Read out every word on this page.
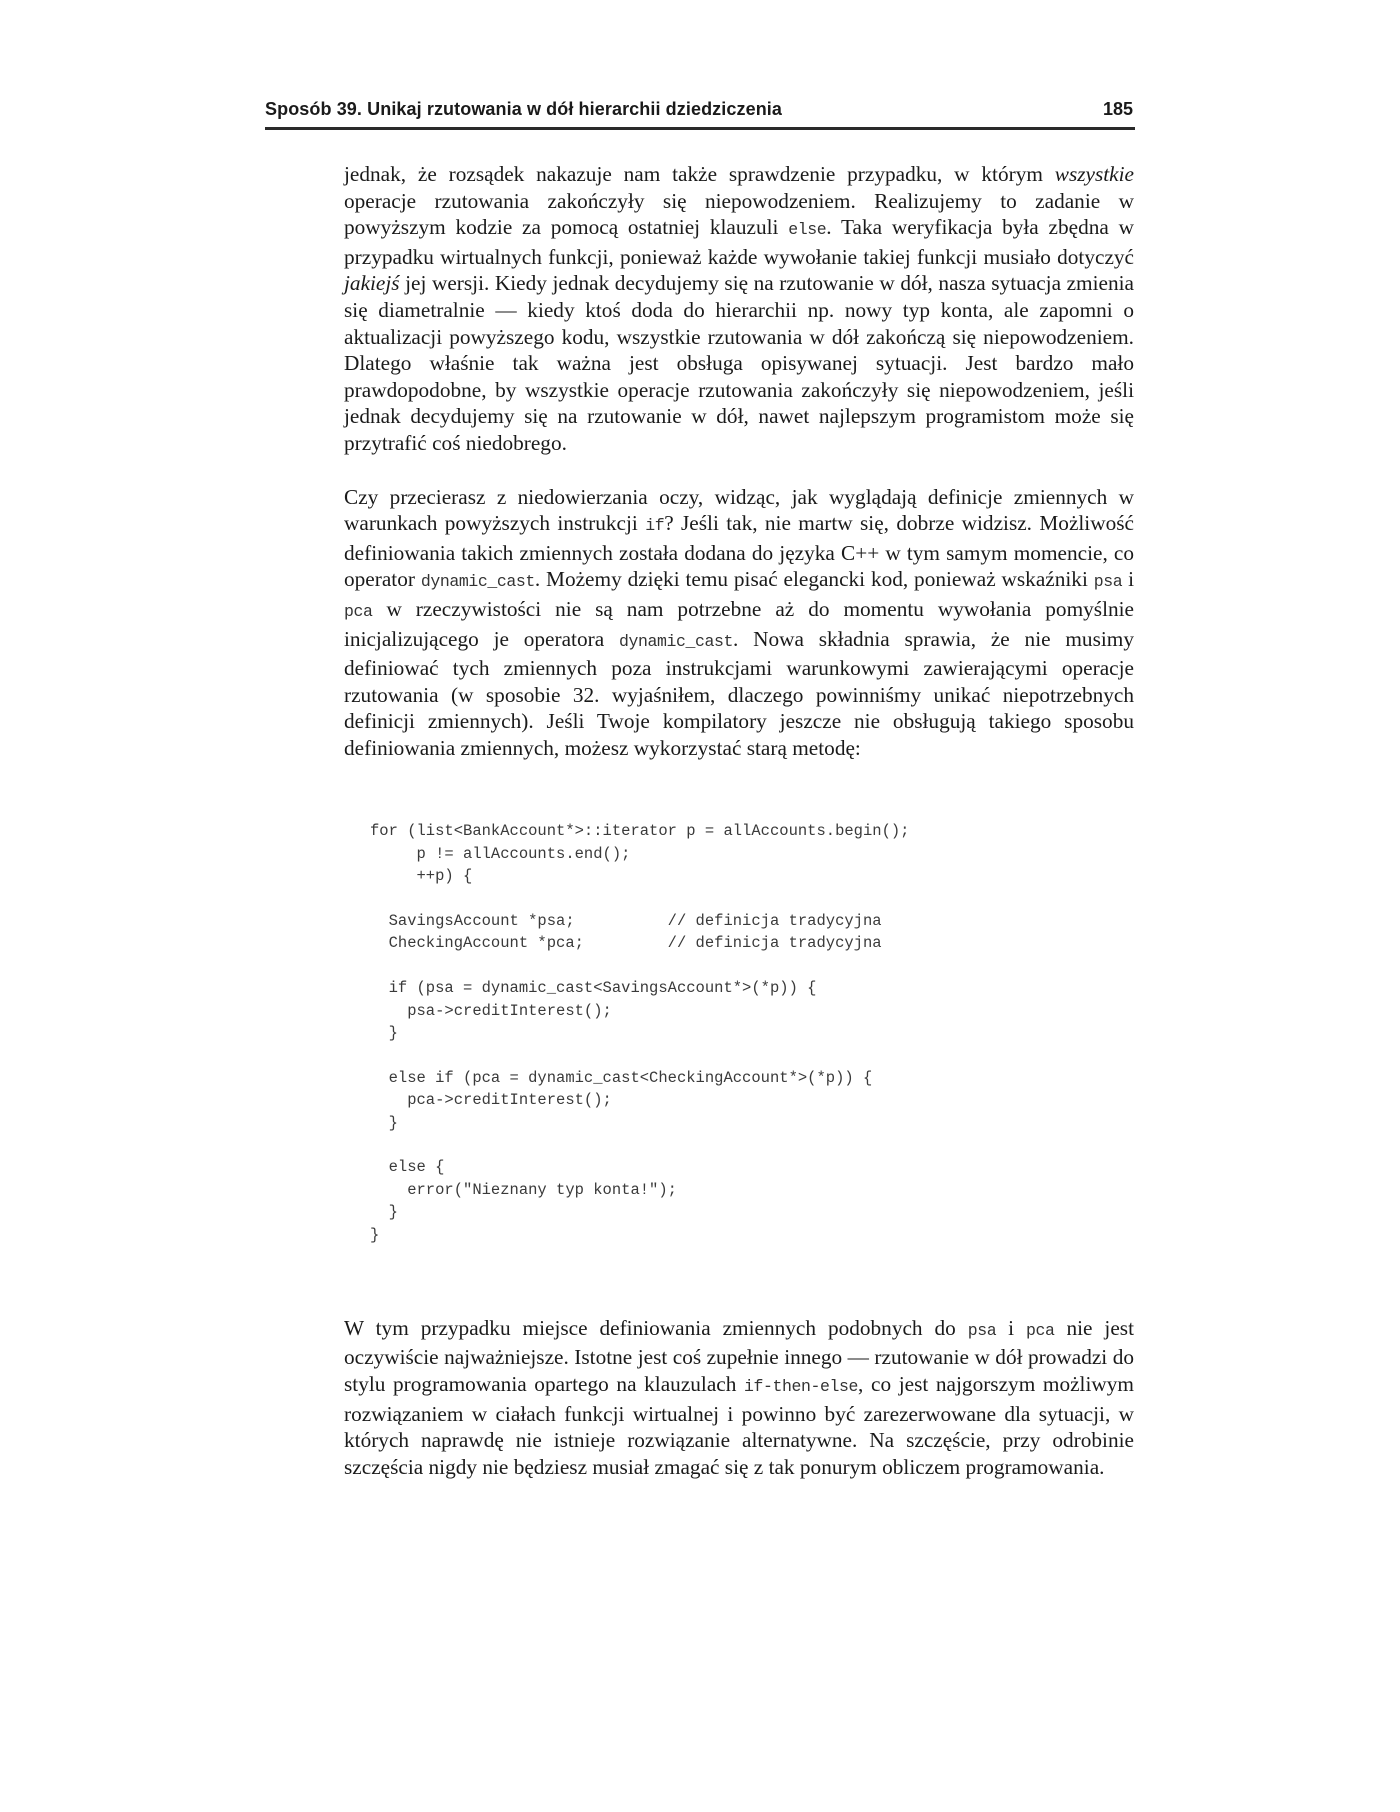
Sposób 39. Unikaj rzutowania w dół hierarchii dziedziczenia	185

jednak, że rozsądek nakazuje nam także sprawdzenie przypadku, w którym wszystkie operacje rzutowania zakończyły się niepowodzeniem. Realizujemy to zadanie w powyższym kodzie za pomocą ostatniej klauzuli else. Taka weryfikacja była zbędna w przypadku wirtualnych funkcji, ponieważ każde wywołanie takiej funkcji musiało dotyczyć jakiejś jej wersji. Kiedy jednak decydujemy się na rzutowanie w dół, nasza sytuacja zmienia się diametralnie — kiedy ktoś doda do hierarchii np. nowy typ konta, ale zapomni o aktualizacji powyższego kodu, wszystkie rzutowania w dół zakończą się niepowodzeniem. Dlatego właśnie tak ważna jest obsługa opisywanej sytuacji. Jest bardzo mało prawdopodobne, by wszystkie operacje rzutowania zakończyły się niepowodzeniem, jeśli jednak decydujemy się na rzutowanie w dół, nawet najlepszym programistom może się przytrafić coś niedobrego.

Czy przecierasz z niedowierzania oczy, widząc, jak wyglądają definicje zmiennych w warunkach powyższych instrukcji if? Jeśli tak, nie martw się, dobrze widzisz. Możliwość definiowania takich zmiennych została dodana do języka C++ w tym samym momencie, co operator dynamic_cast. Możemy dzięki temu pisać elegancki kod, ponieważ wskaźniki psa i pca w rzeczywistości nie są nam potrzebne aż do momentu wywołania pomyślnie inicjalizującego je operatora dynamic_cast. Nowa składnia sprawia, że nie musimy definiować tych zmiennych poza instrukcjami warunkowymi zawierającymi operacje rzutowania (w sposobie 32. wyjaśniłem, dlaczego powinniśmy unikać niepotrzebnych definicji zmiennych). Jeśli Twoje kompilatory jeszcze nie obsługują takiego sposobu definiowania zmiennych, możesz wykorzystać starą metodę:

for (list<BankAccount*>::iterator p = allAccounts.begin();
p != allAccounts.end();
++p) {
SavingsAccount *psa;          // definicja tradycyjna
CheckingAccount *pca;         // definicja tradycyjna
if (psa = dynamic_cast<SavingsAccount*>(*p)) {
psa->creditInterest();
}
else if (pca = dynamic_cast<CheckingAccount*>(*p)) {
pca->creditInterest();
}
else {
error("Nieznany typ konta!");
}
}

W tym przypadku miejsce definiowania zmiennych podobnych do psa i pca nie jest oczywiście najważniejsze. Istotne jest coś zupełnie innego — rzutowanie w dół prowadzi do stylu programowania opartego na klauzulach if-then-else, co jest najgorszym możliwym rozwiązaniem w ciałach funkcji wirtualnej i powinno być zarezerwowane dla sytuacji, w których naprawdę nie istnieje rozwiązanie alternatywne. Na szczęście, przy odrobinie szczęścia nigdy nie będziesz musiał zmagać się z tak ponurym obliczem programowania.
